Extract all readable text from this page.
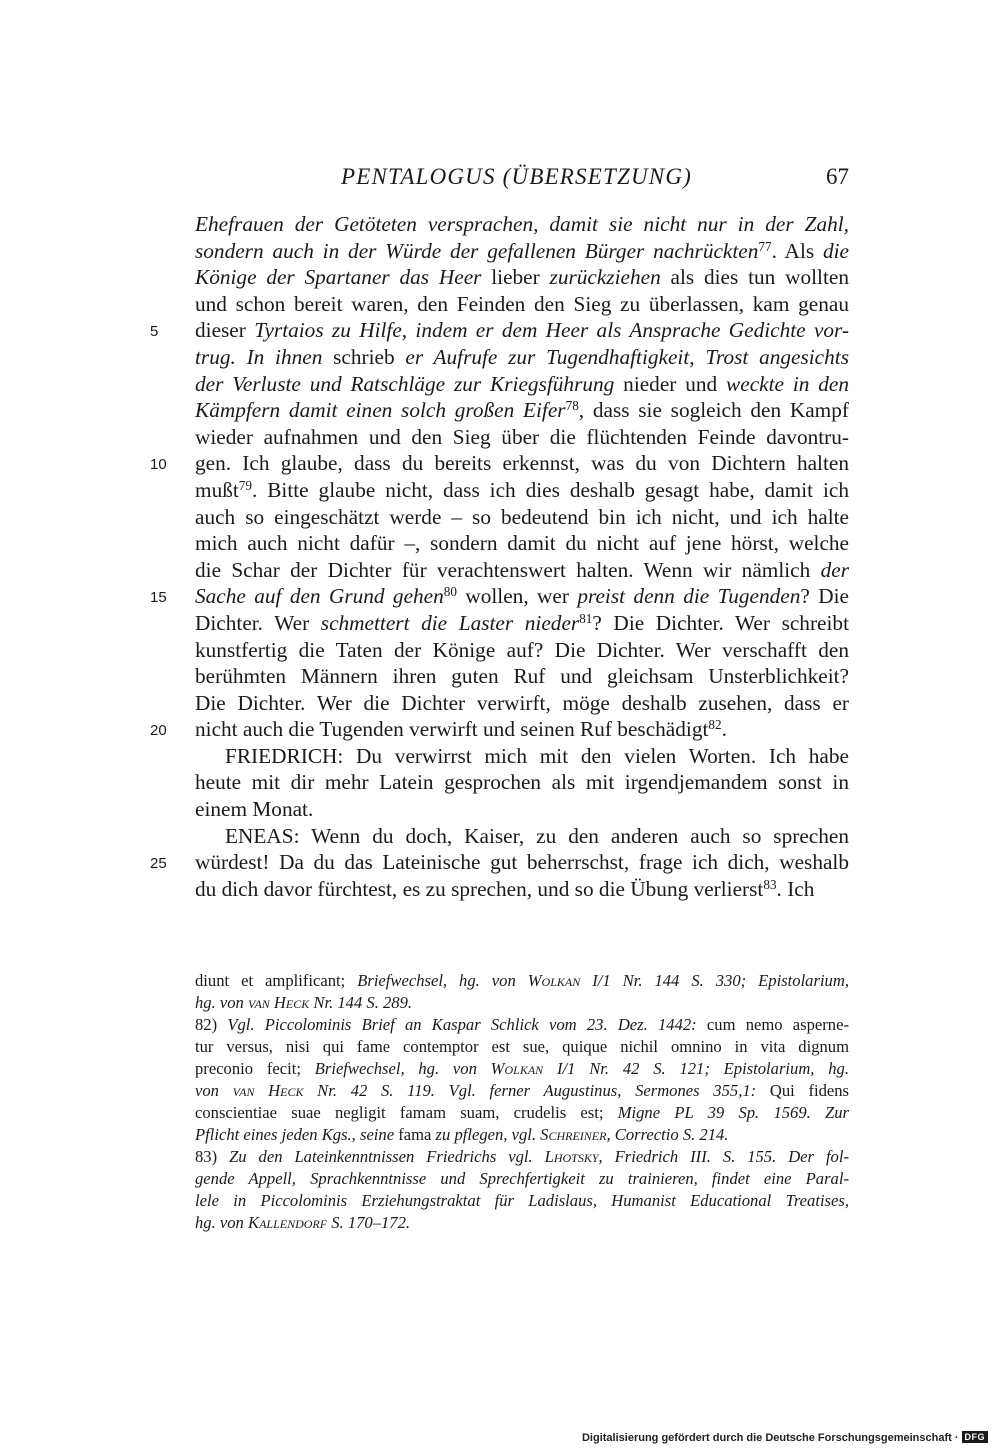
PENTALOGUS (ÜBERSETZUNG)	67
Ehefrauen der Getöteten versprachen, damit sie nicht nur in der Zahl,
sondern auch in der Würde der gefallenen Bürger nachrückten$^{77}$. Als die
Könige der Spartaner das Heer lieber zurückziehen als dies tun wollten
und schon bereit waren, den Feinden den Sieg zu überlassen, kam genau
5 dieser Tyrtaios zu Hilfe, indem er dem Heer als Ansprache Gedichte vor-
trug. In ihnen schrieb er Aufrufe zur Tugendhaftigkeit, Trost angesichts
der Verluste und Ratschläge zur Kriegsführung nieder und weckte in den
Kämpfern damit einen solch großen Eifer$^{78}$, dass sie sogleich den Kampf
wieder aufnahmen und den Sieg über die flüchtenden Feinde davontru-
10 gen. Ich glaube, dass du bereits erkennst, was du von Dichtern halten
mußt$^{79}$. Bitte glaube nicht, dass ich dies deshalb gesagt habe, damit ich
auch so eingeschätzt werde – so bedeutend bin ich nicht, und ich halte
mich auch nicht dafür –, sondern damit du nicht auf jene hörst, welche
die Schar der Dichter für verachtenswert halten. Wenn wir nämlich der
15 Sache auf den Grund gehen$^{80}$ wollen, wer preist denn die Tugenden? Die
Dichter. Wer schmettert die Laster nieder$^{81}$? Die Dichter. Wer schreibt
kunstfertig die Taten der Könige auf? Die Dichter. Wer verschafft den
berühmten Männern ihren guten Ruf und gleichsam Unsterblichkeit?
Die Dichter. Wer die Dichter verwirft, möge deshalb zusehen, dass er
20 nicht auch die Tugenden verwirft und seinen Ruf beschädigt$^{82}$.
FRIEDRICH: Du verwirrst mich mit den vielen Worten. Ich habe
heute mit dir mehr Latein gesprochen als mit irgendjemandem sonst in
einem Monat.
ENEAS: Wenn du doch, Kaiser, zu den anderen auch so sprechen
25 würdest! Da du das Lateinische gut beherrschst, frage ich dich, weshalb
du dich davor fürchtest, es zu sprechen, und so die Übung verlierst$^{83}$. Ich
diunt et amplificant; Briefwechsel, hg. von Wolkan I/1 Nr. 144 S. 330; Epistolarium,
hg. von van Heck Nr. 144 S. 289.
82) Vgl. Piccolominis Brief an Kaspar Schlick vom 23. Dez. 1442: cum nemo asperne-
tur versus, nisi qui fame contemptor est sue, quique nichil omnino in vita dignum
preconio fecit; Briefwechsel, hg. von Wolkan I/1 Nr. 42 S. 121; Epistolarium, hg.
von van Heck Nr. 42 S. 119. Vgl. ferner Augustinus, Sermones 355,1: Qui fidens
conscientiae suae negligit famam suam, crudelis est; Migne PL 39 Sp. 1569. Zur
Pflicht eines jeden Kgs., seine fama zu pflegen, vgl. Schreiner, Correctio S. 214.
83) Zu den Lateinkenntnissen Friedrichs vgl. Lhotsky, Friedrich III. S. 155. Der fol-
gende Appell, Sprachkenntnisse und Sprechfertigkeit zu trainieren, findet eine Paral-
lele in Piccolominis Erziehungstraktat für Ladislaus, Humanist Educational Treatises,
hg. von Kallendorf S. 170–172.
Digitalisierung gefördert durch die Deutsche Forschungsgemeinschaft · DFG
